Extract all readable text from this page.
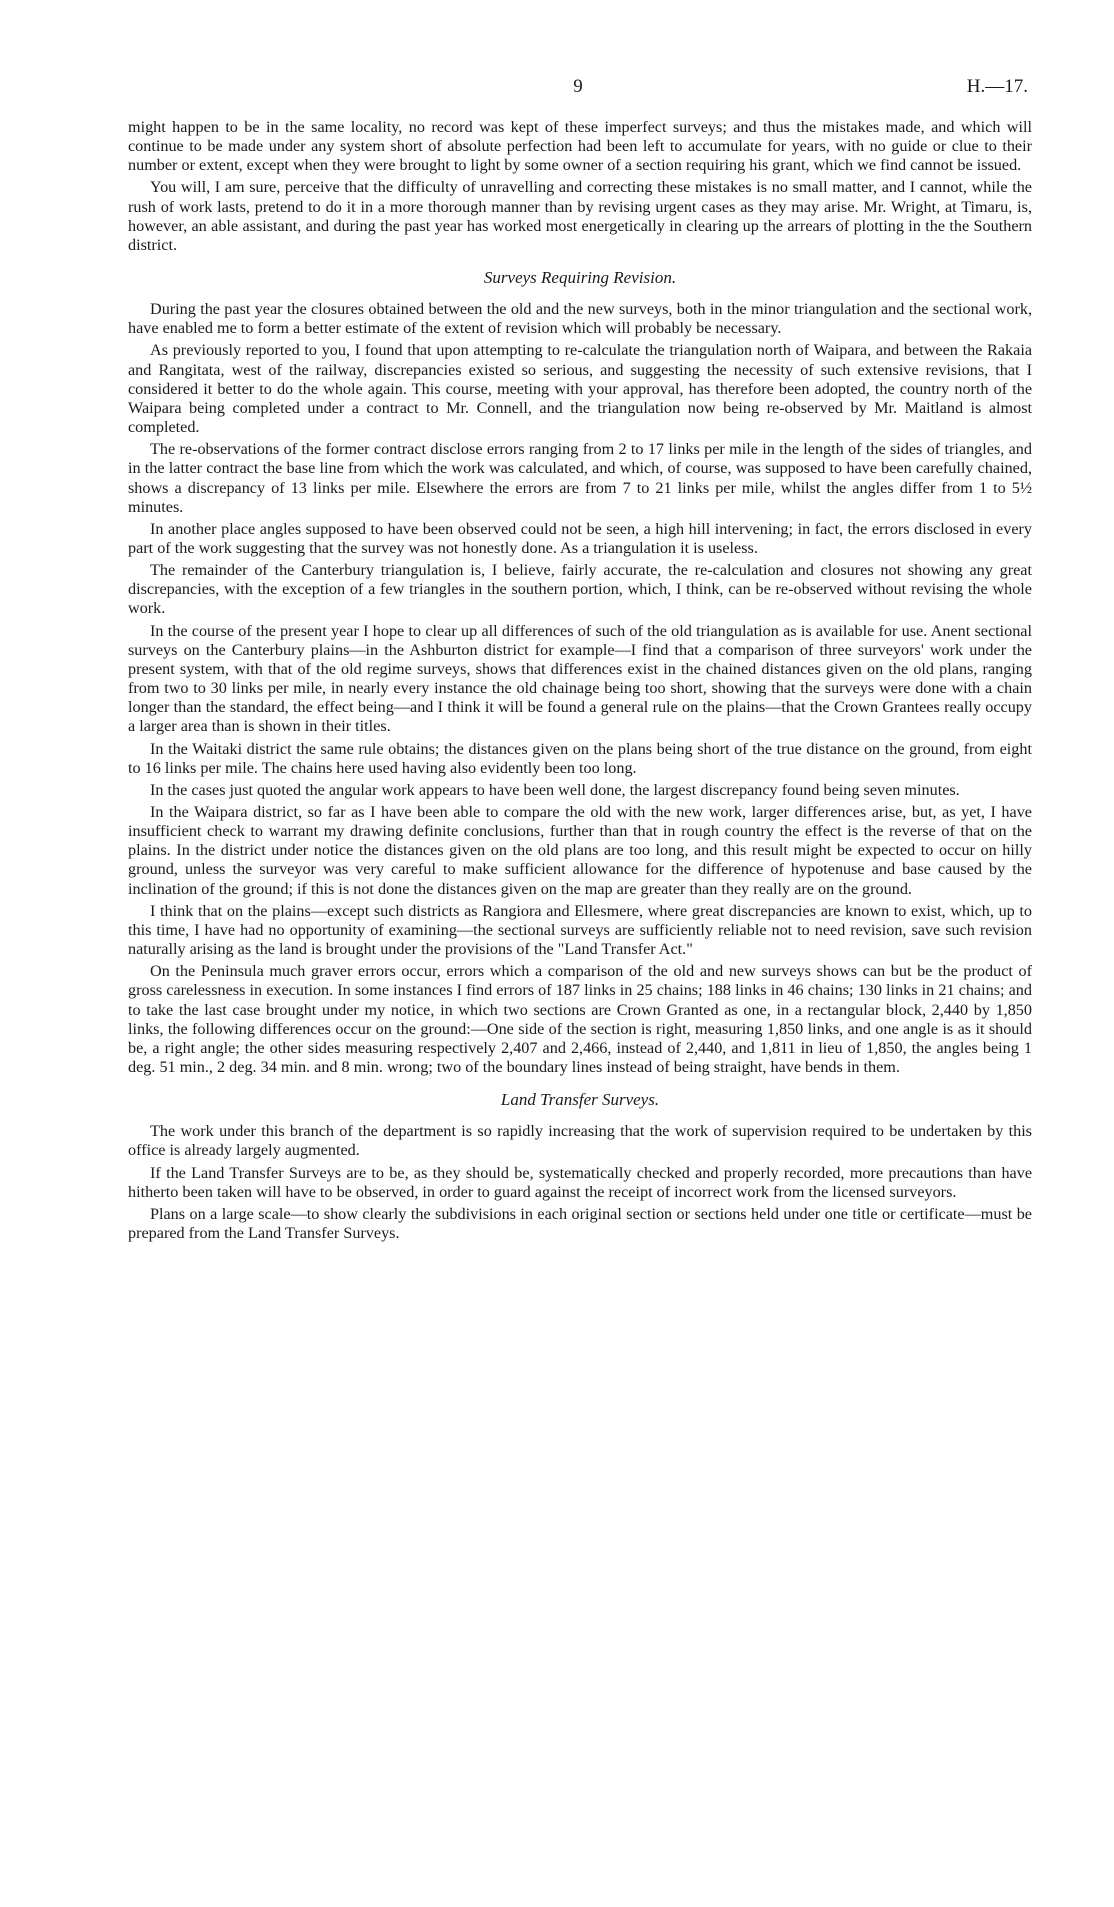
9	H.—17.

might happen to be in the same locality, no record was kept of these imperfect surveys; and thus the mistakes made, and which will continue to be made under any system short of absolute perfection had been left to accumulate for years, with no guide or clue to their number or extent, except when they were brought to light by some owner of a section requiring his grant, which we find cannot be issued.

You will, I am sure, perceive that the difficulty of unravelling and correcting these mistakes is no small matter, and I cannot, while the rush of work lasts, pretend to do it in a more thorough manner than by revising urgent cases as they may arise. Mr. Wright, at Timaru, is, however, an able assistant, and during the past year has worked most energetically in clearing up the arrears of plotting in the the Southern district.

Surveys Requiring Revision.

During the past year the closures obtained between the old and the new surveys, both in the minor triangulation and the sectional work, have enabled me to form a better estimate of the extent of revision which will probably be necessary.

As previously reported to you, I found that upon attempting to re-calculate the triangulation north of Waipara, and between the Rakaia and Rangitata, west of the railway, discrepancies existed so serious, and suggesting the necessity of such extensive revisions, that I considered it better to do the whole again. This course, meeting with your approval, has therefore been adopted, the country north of the Waipara being completed under a contract to Mr. Connell, and the triangulation now being re-observed by Mr. Maitland is almost completed.

The re-observations of the former contract disclose errors ranging from 2 to 17 links per mile in the length of the sides of triangles, and in the latter contract the base line from which the work was calculated, and which, of course, was supposed to have been carefully chained, shows a discrepancy of 13 links per mile. Elsewhere the errors are from 7 to 21 links per mile, whilst the angles differ from 1 to 5½ minutes.

In another place angles supposed to have been observed could not be seen, a high hill intervening; in fact, the errors disclosed in every part of the work suggesting that the survey was not honestly done. As a triangulation it is useless.

The remainder of the Canterbury triangulation is, I believe, fairly accurate, the re-calculation and closures not showing any great discrepancies, with the exception of a few triangles in the southern portion, which, I think, can be re-observed without revising the whole work.

In the course of the present year I hope to clear up all differences of such of the old triangulation as is available for use. Anent sectional surveys on the Canterbury plains—in the Ashburton district for example—I find that a comparison of three surveyors' work under the present system, with that of the old regime surveys, shows that differences exist in the chained distances given on the old plans, ranging from two to 30 links per mile, in nearly every instance the old chainage being too short, showing that the surveys were done with a chain longer than the standard, the effect being—and I think it will be found a general rule on the plains—that the Crown Grantees really occupy a larger area than is shown in their titles.

In the Waitaki district the same rule obtains; the distances given on the plans being short of the true distance on the ground, from eight to 16 links per mile. The chains here used having also evidently been too long.

In the cases just quoted the angular work appears to have been well done, the largest discrepancy found being seven minutes.

In the Waipara district, so far as I have been able to compare the old with the new work, larger differences arise, but, as yet, I have insufficient check to warrant my drawing definite conclusions, further than that in rough country the effect is the reverse of that on the plains. In the district under notice the distances given on the old plans are too long, and this result might be expected to occur on hilly ground, unless the surveyor was very careful to make sufficient allowance for the difference of hypotenuse and base caused by the inclination of the ground; if this is not done the distances given on the map are greater than they really are on the ground.

I think that on the plains—except such districts as Rangiora and Ellesmere, where great discrepancies are known to exist, which, up to this time, I have had no opportunity of examining—the sectional surveys are sufficiently reliable not to need revision, save such revision naturally arising as the land is brought under the provisions of the "Land Transfer Act."

On the Peninsula much graver errors occur, errors which a comparison of the old and new surveys shows can but be the product of gross carelessness in execution. In some instances I find errors of 187 links in 25 chains; 188 links in 46 chains; 130 links in 21 chains; and to take the last case brought under my notice, in which two sections are Crown Granted as one, in a rectangular block, 2,440 by 1,850 links, the following differences occur on the ground:—One side of the section is right, measuring 1,850 links, and one angle is as it should be, a right angle; the other sides measuring respectively 2,407 and 2,466, instead of 2,440, and 1,811 in lieu of 1,850, the angles being 1 deg. 51 min., 2 deg. 34 min. and 8 min. wrong; two of the boundary lines instead of being straight, have bends in them.

Land Transfer Surveys.

The work under this branch of the department is so rapidly increasing that the work of supervision required to be undertaken by this office is already largely augmented.

If the Land Transfer Surveys are to be, as they should be, systematically checked and properly recorded, more precautions than have hitherto been taken will have to be observed, in order to guard against the receipt of incorrect work from the licensed surveyors.

Plans on a large scale—to show clearly the subdivisions in each original section or sections held under one title or certificate—must be prepared from the Land Transfer Surveys.
